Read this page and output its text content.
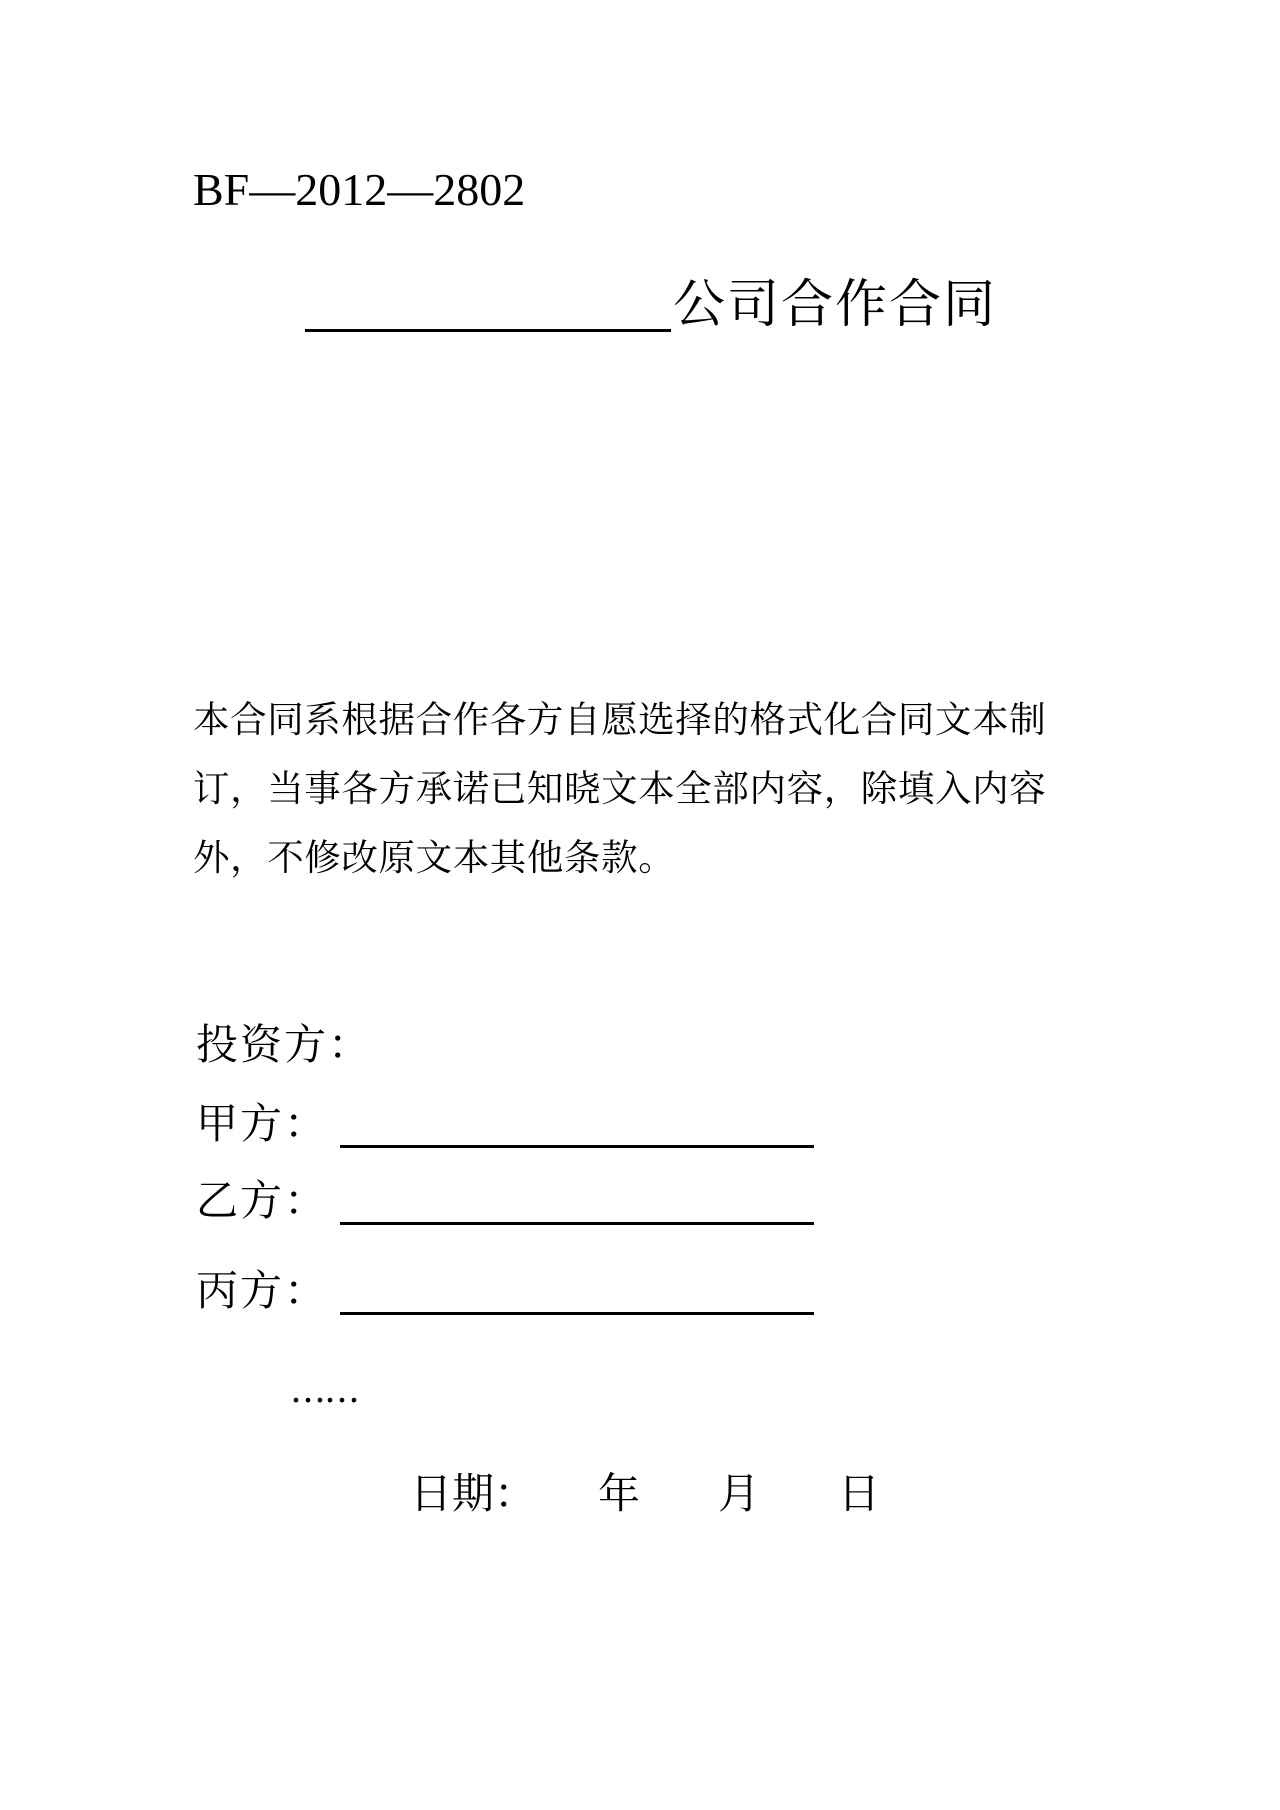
BF—2012—2802
公司合作合同
本合同系根据合作各方自愿选择的格式化合同文本制
订，当事各方承诺已知晓文本全部内容，除填入内容
外，不修改原文本其他条款。
投资方：
甲方：
乙方：
丙方：
……
日期： 年 月 日
